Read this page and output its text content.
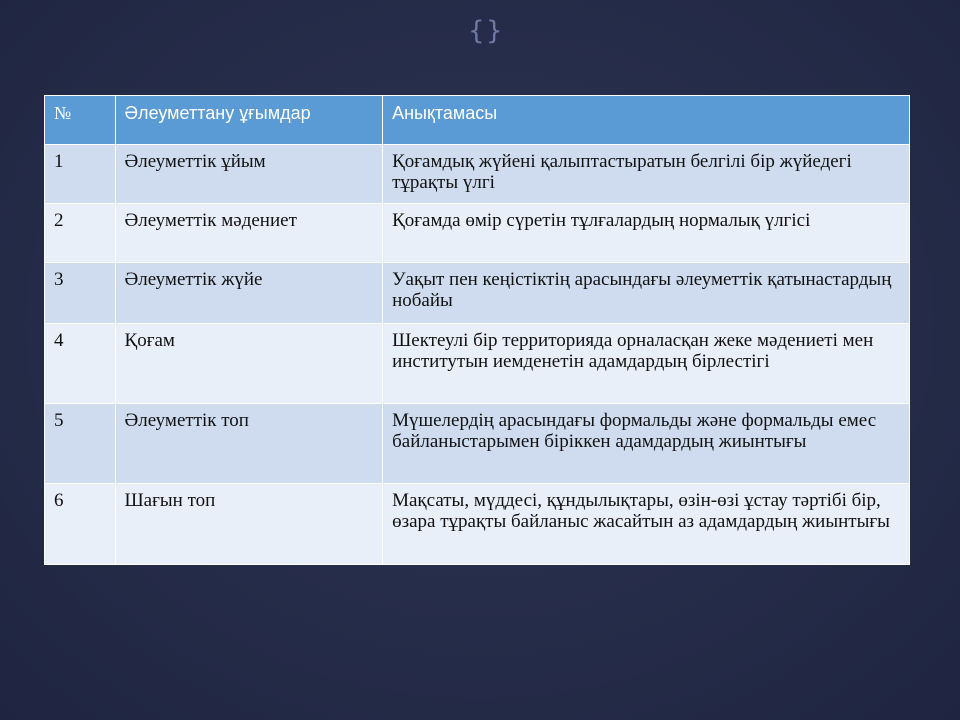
{ }
№	Әлеуметтану ұғымдар	Анықтамасы
1	Әлеуметтік ұйым	Қоғамдық жүйені қалыптастыратын белгілі бір жүйедегі тұрақты үлгі
2	Әлеуметтік мәдениет	Қоғамда өмір сүретін тұлғалардың нормалық үлгісі
3	Әлеуметтік жүйе	Уақыт пен кеңістіктің арасындағы әлеуметтік қатынастардың нобайы
4	Қоғам	Шектеулі бір территорияда орналасқан жеке мәдениеті мен институтын иемденетін адамдардың бірлестігі
5	Әлеуметтік топ	Мүшелердің арасындағы формальды және формальды емес байланыстарымен біріккен адамдардың жиынтығы
6	Шағын топ	Мақсаты, мүддесі, құндылықтары, өзін-өзі ұстау тәртібі бір, өзара тұрақты байланыс жасайтын аз адамдардың жиынтығы
